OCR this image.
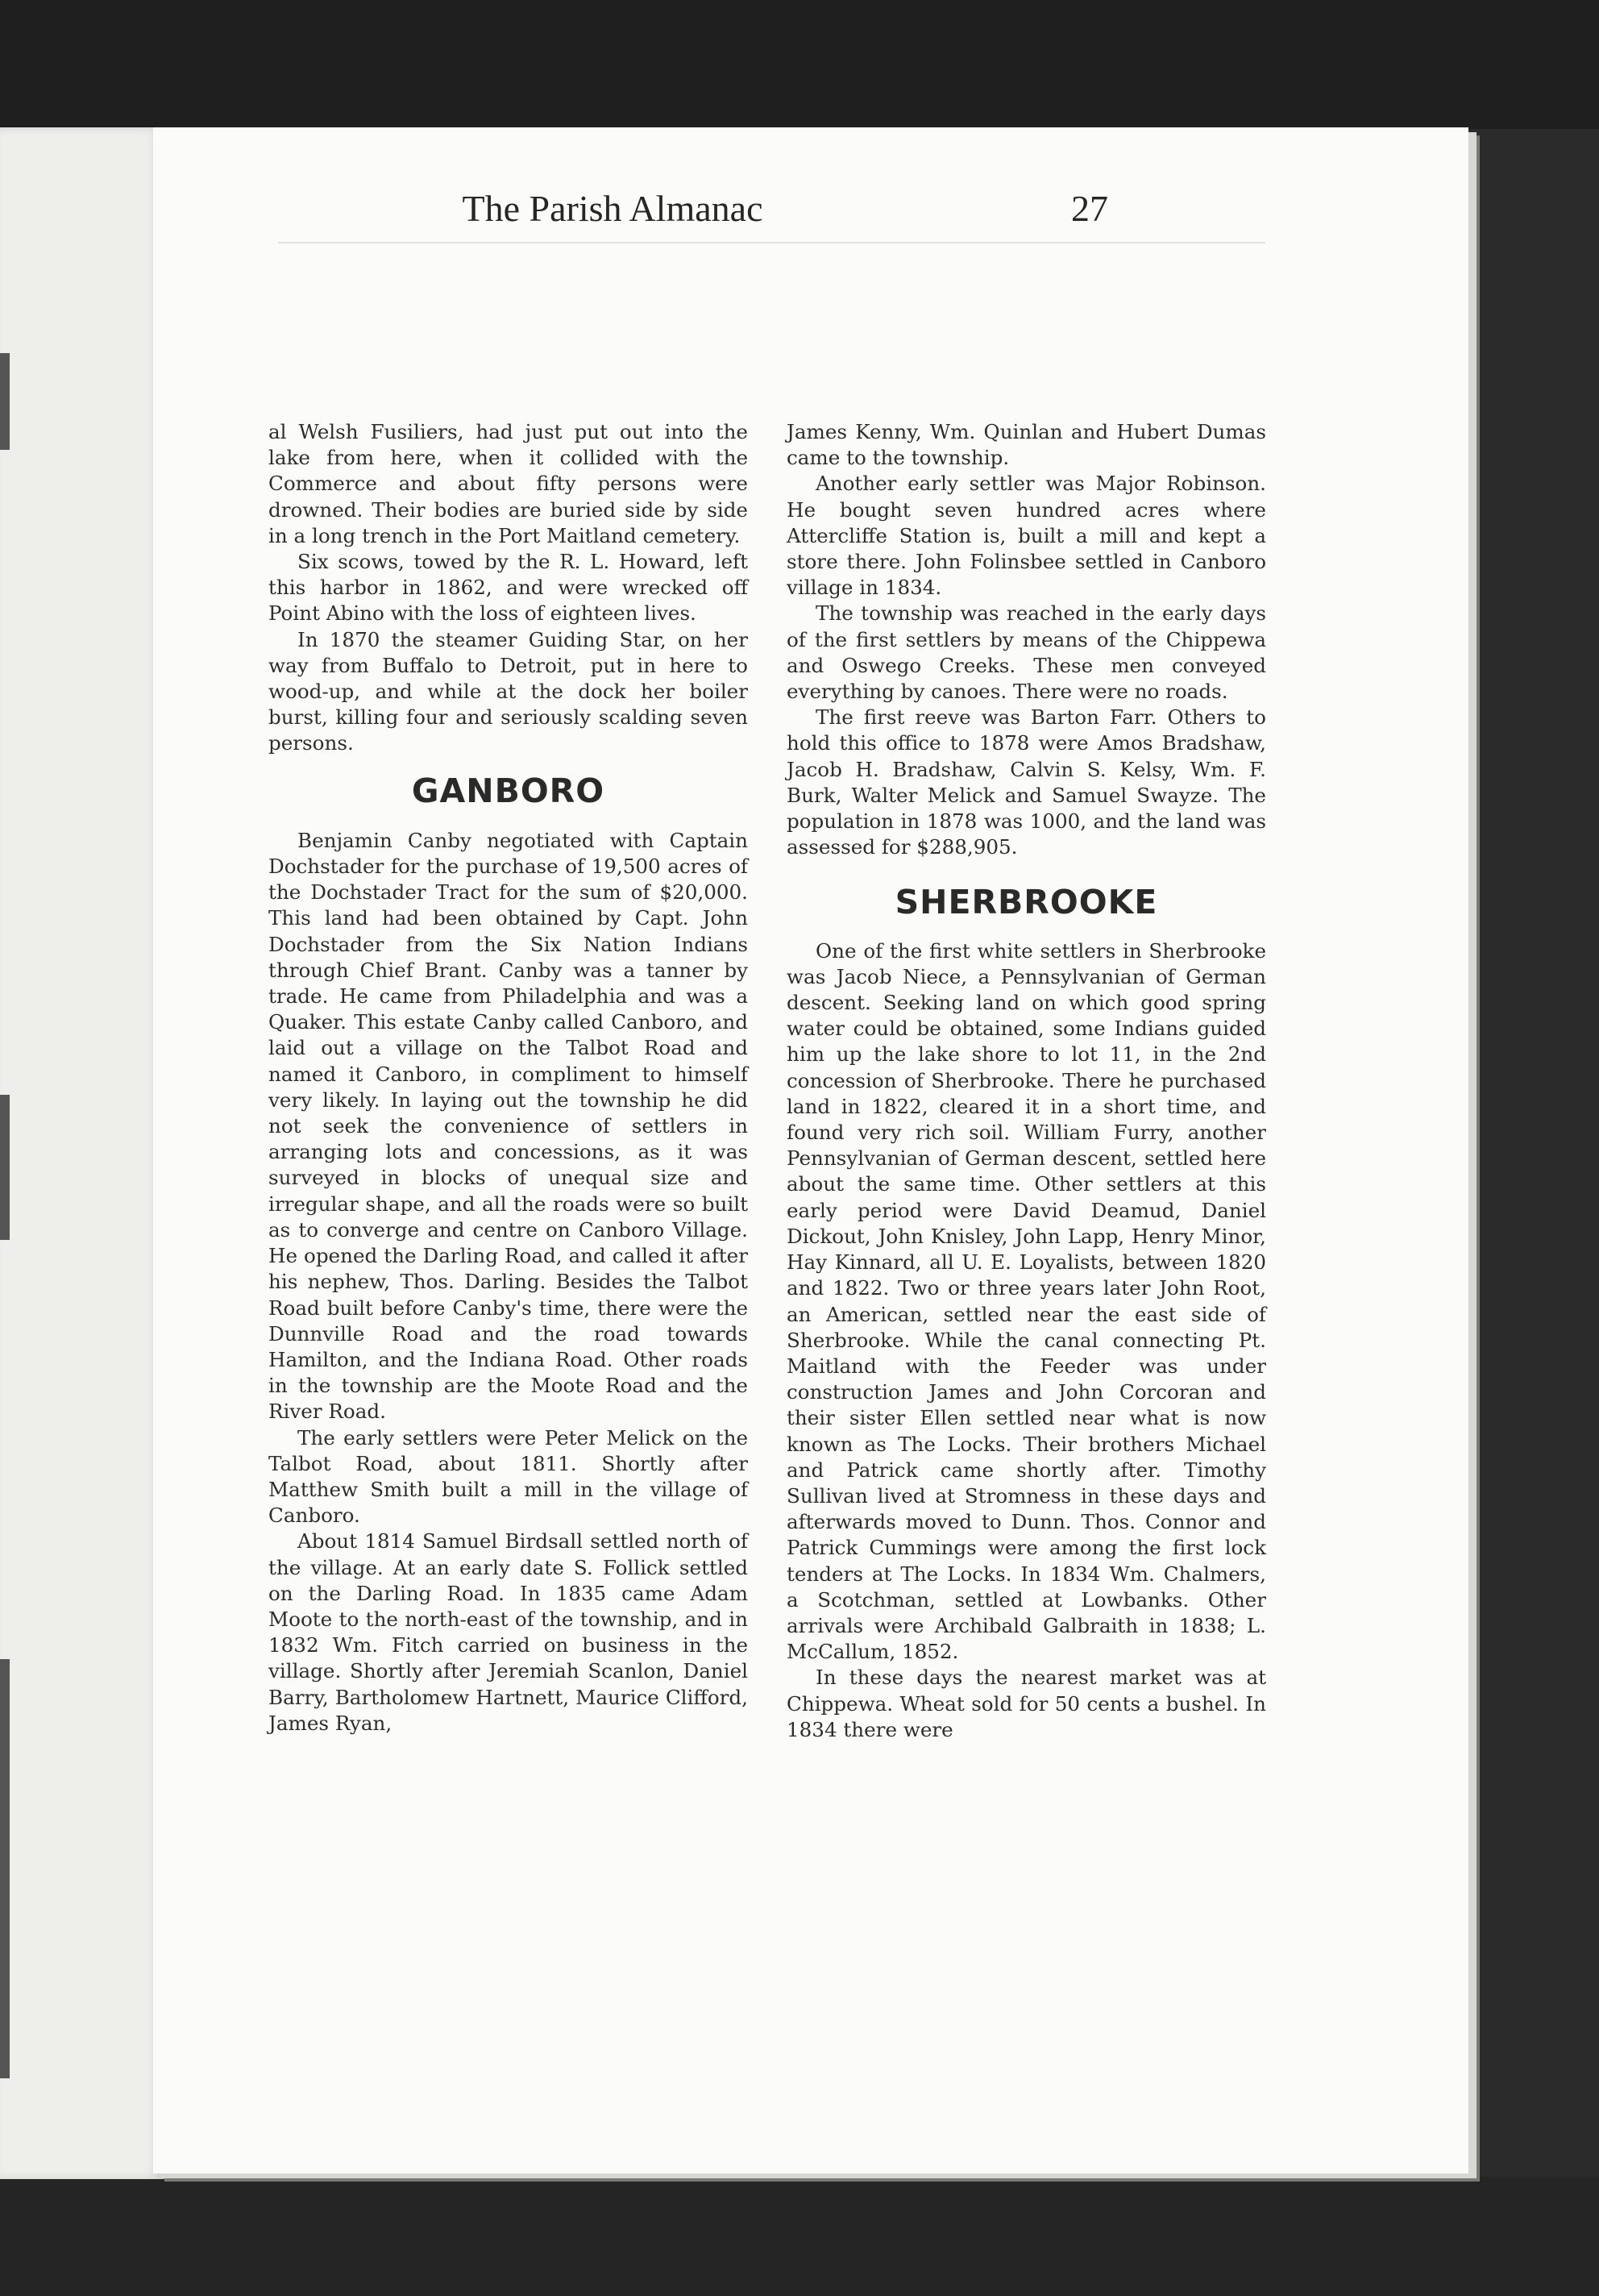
The Parish Almanac	27

al Welsh Fusiliers, had just put out into the lake from here, when it collided with the Commerce and about fifty persons were drowned. Their bodies are buried side by side in a long trench in the Port Maitland cemetery.

Six scows, towed by the R. L. Howard, left this harbor in 1862, and were wrecked off Point Abino with the loss of eighteen lives.

In 1870 the steamer Guiding Star, on her way from Buffalo to Detroit, put in here to wood-up, and while at the dock her boiler burst, killing four and seriously scalding seven persons.

GANBORO

Benjamin Canby negotiated with Captain Dochstader for the purchase of 19,500 acres of the Dochstader Tract for the sum of $20,000. This land had been obtained by Capt. John Dochstader from the Six Nation Indians through Chief Brant. Canby was a tanner by trade. He came from Philadelphia and was a Quaker. This estate Canby called Canboro, and laid out a village on the Talbot Road and named it Canboro, in compliment to himself very likely. In laying out the township he did not seek the convenience of settlers in arranging lots and concessions, as it was surveyed in blocks of unequal size and irregular shape, and all the roads were so built as to converge and centre on Canboro Village. He opened the Darling Road, and called it after his nephew, Thos. Darling. Besides the Talbot Road built before Canby's time, there were the Dunnville Road and the road towards Hamilton, and the Indiana Road. Other roads in the township are the Moote Road and the River Road.

The early settlers were Peter Melick on the Talbot Road, about 1811. Shortly after Matthew Smith built a mill in the village of Canboro.

About 1814 Samuel Birdsall settled north of the village. At an early date S. Follick settled on the Darling Road. In 1835 came Adam Moote to the north-east of the township, and in 1832 Wm. Fitch carried on business in the village. Shortly after Jeremiah Scanlon, Daniel Barry, Bartholomew Hartnett, Maurice Clifford, James Ryan,

James Kenny, Wm. Quinlan and Hubert Dumas came to the township.

Another early settler was Major Robinson. He bought seven hundred acres where Attercliffe Station is, built a mill and kept a store there. John Folinsbee settled in Canboro village in 1834.

The township was reached in the early days of the first settlers by means of the Chippewa and Oswego Creeks. These men conveyed everything by canoes. There were no roads.

The first reeve was Barton Farr. Others to hold this office to 1878 were Amos Bradshaw, Jacob H. Bradshaw, Calvin S. Kelsy, Wm. F. Burk, Walter Melick and Samuel Swayze. The population in 1878 was 1000, and the land was assessed for $288,905.

SHERBROOKE

One of the first white settlers in Sherbrooke was Jacob Niece, a Pennsylvanian of German descent. Seeking land on which good spring water could be obtained, some Indians guided him up the lake shore to lot 11, in the 2nd concession of Sherbrooke. There he purchased land in 1822, cleared it in a short time, and found very rich soil. William Furry, another Pennsylvanian of German descent, settled here about the same time. Other settlers at this early period were David Deamud, Daniel Dickout, John Knisley, John Lapp, Henry Minor, Hay Kinnard, all U. E. Loyalists, between 1820 and 1822. Two or three years later John Root, an American, settled near the east side of Sherbrooke. While the canal connecting Pt. Maitland with the Feeder was under construction James and John Corcoran and their sister Ellen settled near what is now known as The Locks. Their brothers Michael and Patrick came shortly after. Timothy Sullivan lived at Stromness in these days and afterwards moved to Dunn. Thos. Connor and Patrick Cummings were among the first lock tenders at The Locks. In 1834 Wm. Chalmers, a Scotchman, settled at Lowbanks. Other arrivals were Archibald Galbraith in 1838; L. McCallum, 1852.

In these days the nearest market was at Chippewa. Wheat sold for 50 cents a bushel. In 1834 there were
